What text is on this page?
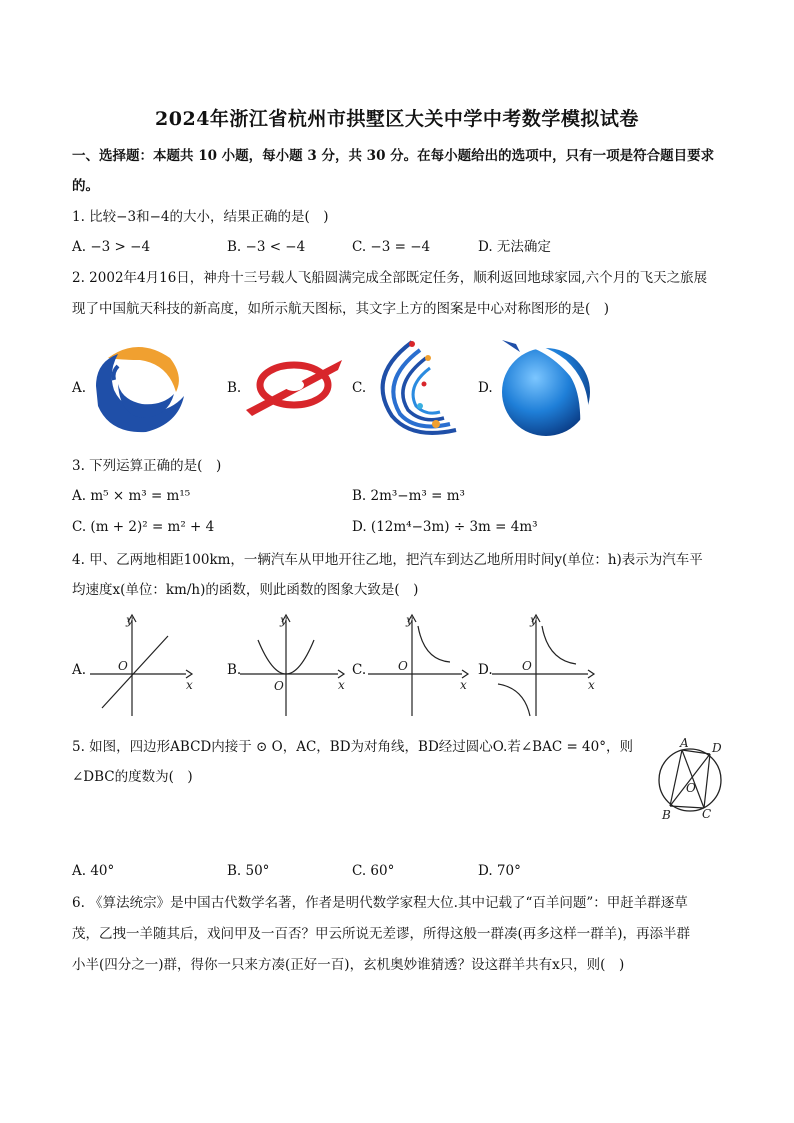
2024年浙江省杭州市拱墅区大关中学中考数学模拟试卷
一、选择题：本题共 10 小题，每小题 3 分，共 30 分。在每小题给出的选项中，只有一项是符合题目要求
的。
1. 比较−3和−4的大小，结果正确的是(　)
A. −3 > −4	B. −3 < −4	C. −3 = −4	D. 无法确定
2. 2002年4月16日，神舟十三号载人飞船圆满完成全部既定任务，顺利返回地球家园,六个月的飞天之旅展
现了中国航天科技的新高度，如所示航天图标，其文字上方的图案是中心对称图形的是(　)
A.	B.	C.	D.
3. 下列运算正确的是(　)
A. m⁵ × m³ = m¹⁵	B. 2m³−m³ = m³
C. (m + 2)² = m² + 4	D. (12m⁴−3m) ÷ 3m = 4m³
4. 甲、乙两地相距100km，一辆汽车从甲地开往乙地，把汽车到达乙地所用时间y(单位：h)表示为汽车平
均速度x(单位：km/h)的函数，则此函数的图象大致是(　)
A.	B.	C.	D.
x
y
O
x
y
O	x
y
O
x
y
O
5. 如图，四边形ABCD内接于 ⊙ O，AC，BD为对角线，BD经过圆心O.若∠BAC = 40°，则
∠DBC的度数为(　)
A D
O
B	C
A. 40°	B. 50°	C. 60°	D. 70°
6. 《算法统宗》是中国古代数学名著，作者是明代数学家程大位.其中记载了“百羊问题”：甲赶羊群逐草
茂，乙拽一羊随其后，戏问甲及一百否？甲云所说无差谬，所得这般一群凑(再多这样一群羊)，再添半群
小半(四分之一)群，得你一只来方凑(正好一百)，玄机奥妙谁猜透？设这群羊共有x只，则(　)
